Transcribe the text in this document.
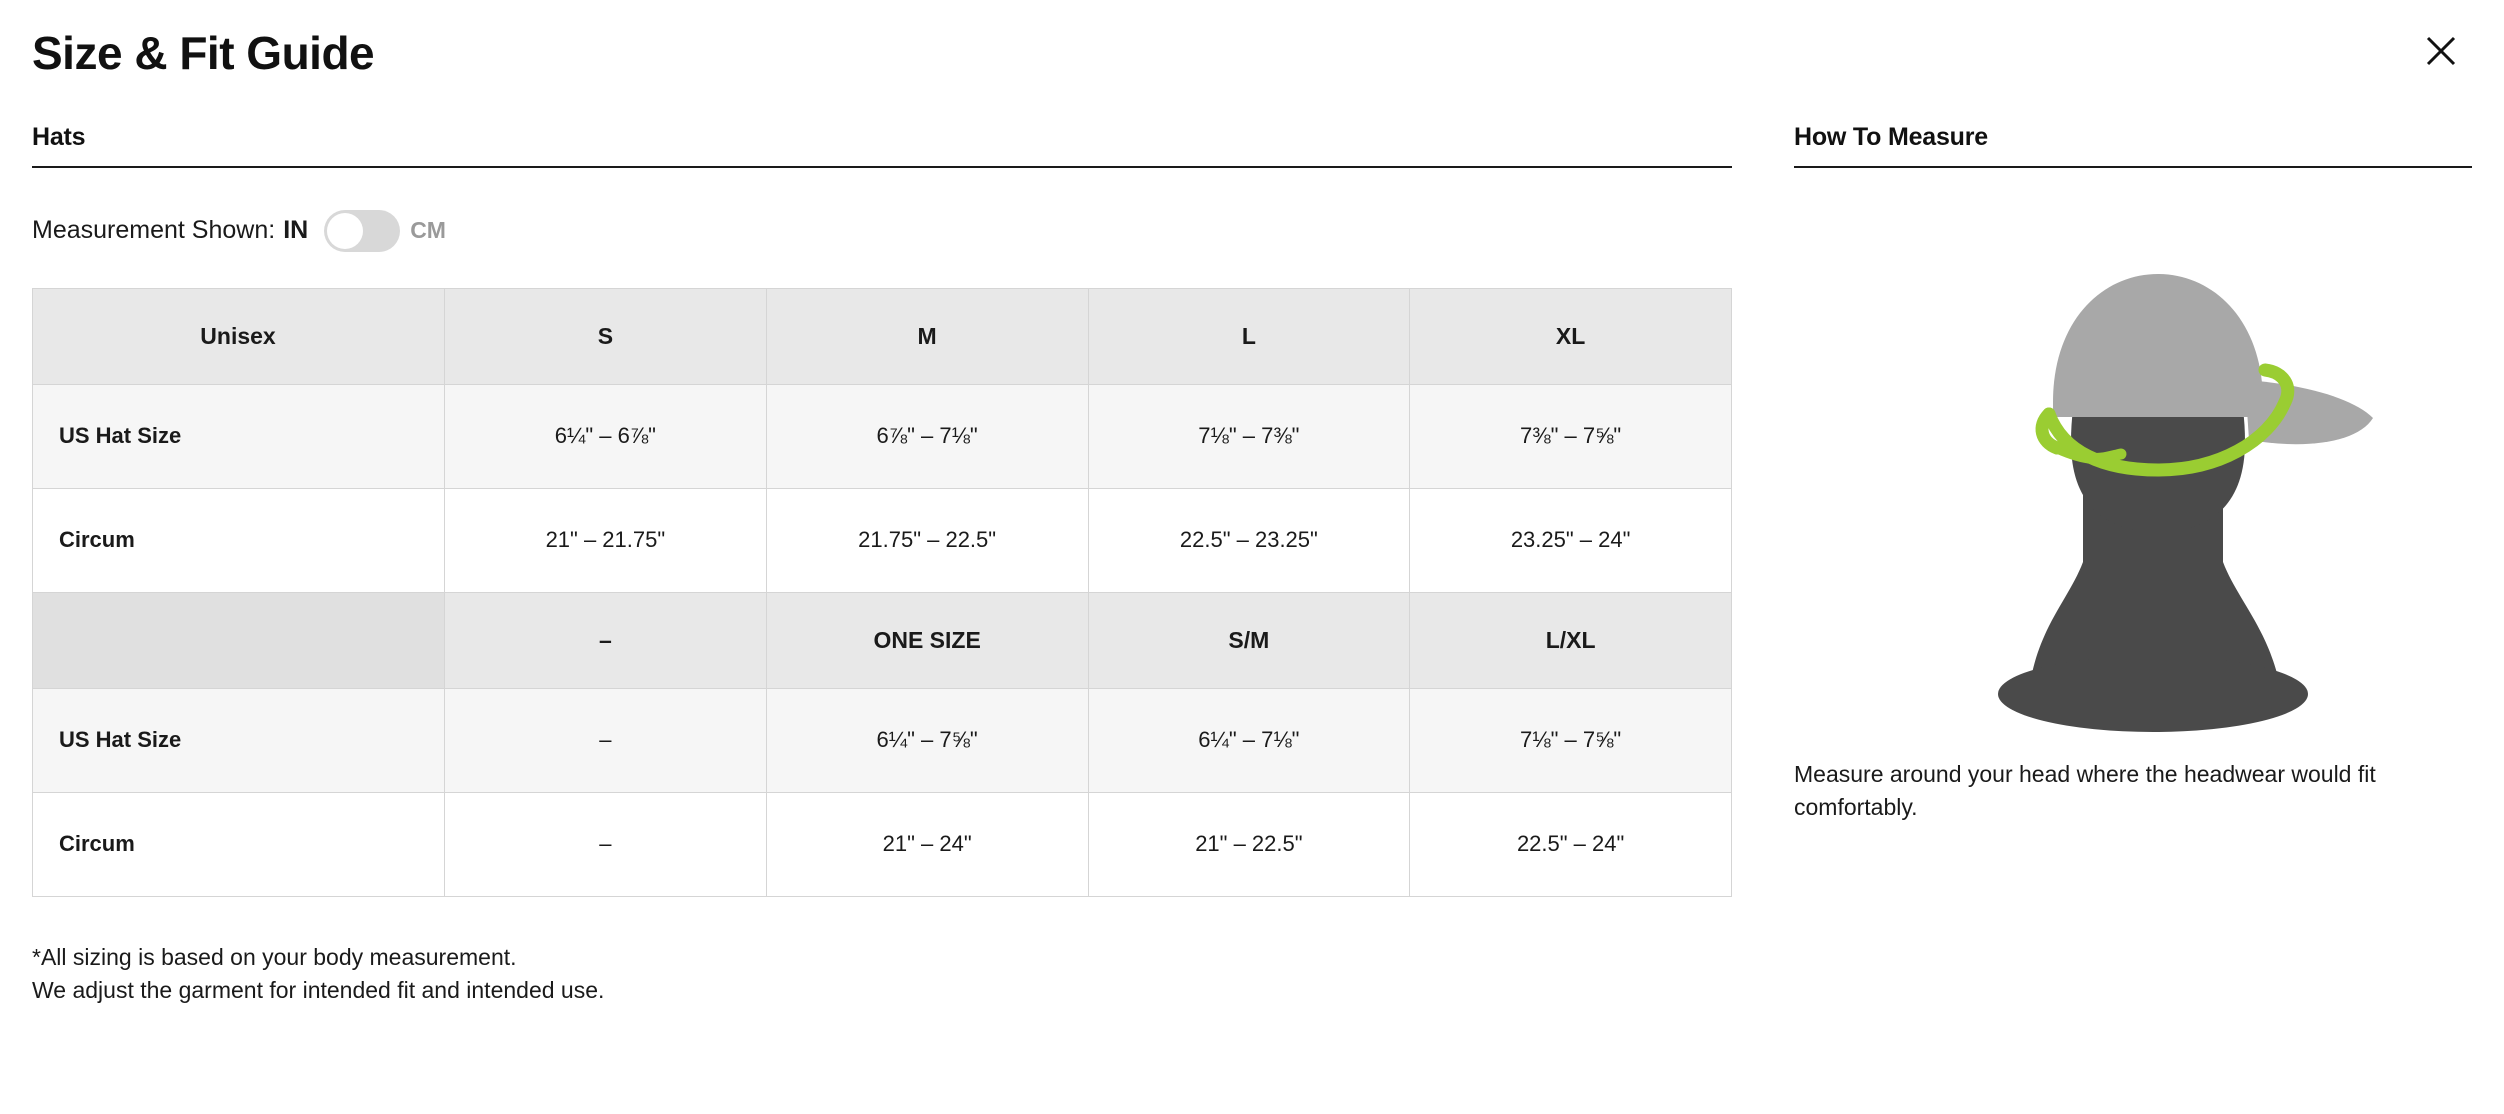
Size & Fit Guide
Hats
Measurement Shown: IN	CM
Unisex	S	M	L	XL
US Hat Size	6¼" – 6⅞"	6⅞" – 7⅛"	7⅛" – 7⅜"	7⅜" – 7⅝"
Circum	21" – 21.75"	21.75" – 22.5"	22.5" – 23.25"	23.25" – 24"
	–	ONE SIZE	S/M	L/XL
US Hat Size	–	6¼" – 7⅝"	6¼" – 7⅛"	7⅛" – 7⅝"
Circum	–	21" – 24"	21" – 22.5"	22.5" – 24"
*All sizing is based on your body measurement.
We adjust the garment for intended fit and intended use.
How To Measure
Measure around your head where the headwear would fit comfortably.
